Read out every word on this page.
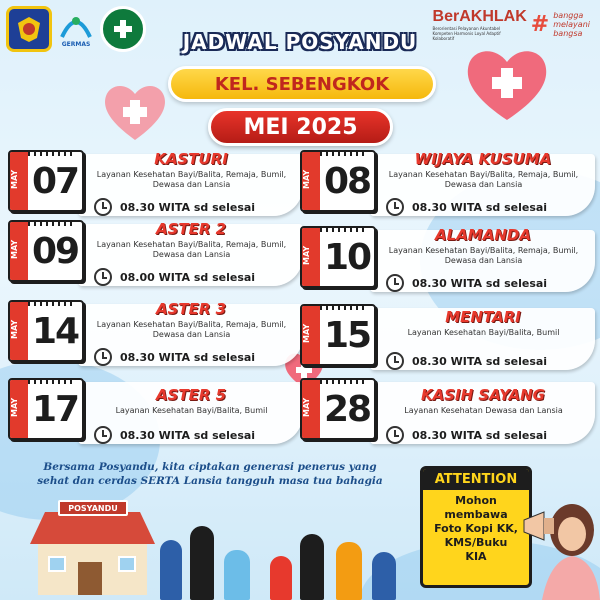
GERMAS
BerAKHLAK
Berorientasi Pelayanan Akuntabel Kompeten Harmonis Loyal Adaptif Kolaboratif
# bangga
melayani
bangsa
JADWAL POSYANDU
KEL. SEBENGKOK
MEI 2025
MAY 07
KASTURI
Layanan Kesehatan Bayi/Balita, Remaja, Bumil, Dewasa dan Lansia
08.30 WITA sd selesai
MAY 09
ASTER 2
Layanan Kesehatan Bayi/Balita, Remaja, Bumil, Dewasa dan Lansia
08.00 WITA sd selesai
MAY 14
ASTER 3
Layanan Kesehatan Bayi/Balita, Remaja, Bumil, Dewasa dan Lansia
08.30 WITA sd selesai
MAY 17	ASTER 5
Layanan Kesehatan Bayi/Balita, Bumil
08.30 WITA sd selesai
MAY 08
WIJAYA KUSUMA
Layanan Kesehatan Bayi/Balita, Remaja, Bumil, Dewasa dan Lansia
08.30 WITA sd selesai
MAY 10
ALAMANDA
Layanan Kesehatan Bayi/Balita, Remaja, Bumil, Dewasa dan Lansia
08.30 WITA sd selesai
MAY 15	MENTARI
Layanan Kesehatan Bayi/Balita, Bumil
08.30 WITA sd selesai
MAY 28	KASIH SAYANG
Layanan Kesehatan Dewasa dan Lansia
08.30 WITA sd selesai
Bersama Posyandu, kita ciptakan generasi penerus yang
sehat dan cerdas SERTA Lansia tangguh masa tua bahagia
POSYANDU
ATTENTION
Mohon
membawa
Foto Kopi KK,
KMS/Buku
KIA
